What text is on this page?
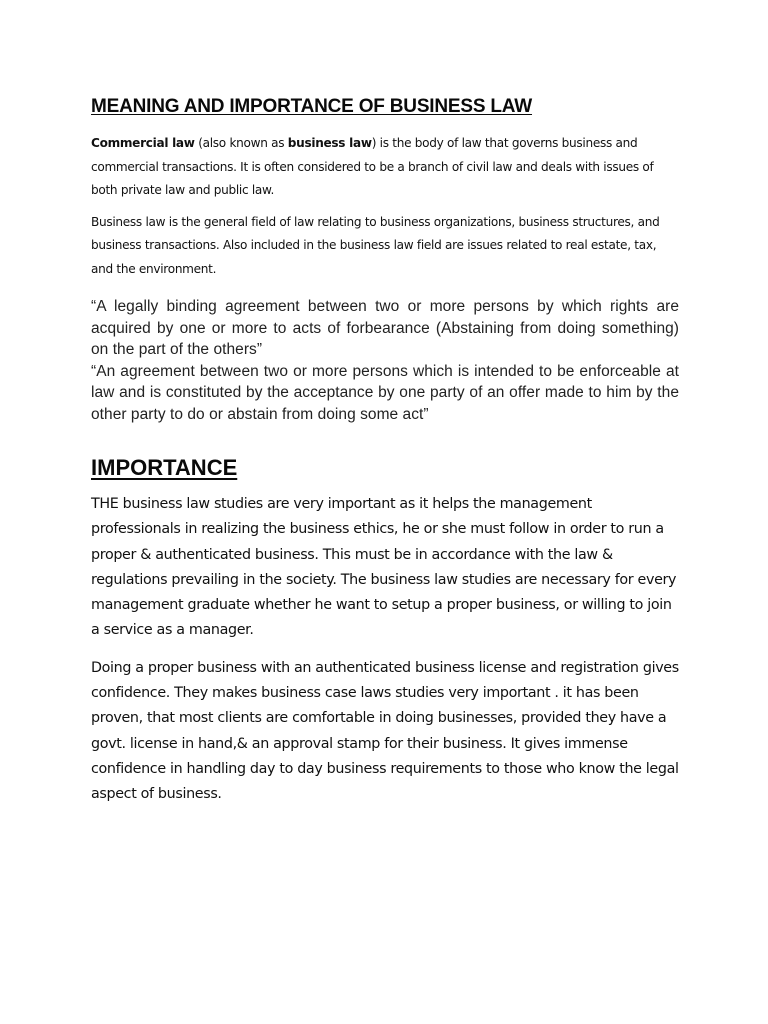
MEANING AND IMPORTANCE OF BUSINESS LAW

Commercial law (also known as business law) is the body of law that governs business and commercial transactions. It is often considered to be a branch of civil law and deals with issues of both private law and public law.

Business law is the general field of law relating to business organizations, business structures, and business transactions. Also included in the business law field are issues related to real estate, tax, and the environment.

“A legally binding agreement between two or more persons by which rights are acquired by one or more to acts of forbearance (Abstaining from doing something) on the part of the others”

“An agreement between two or more persons which is intended to be enforceable at law and is constituted by the acceptance by one party of an offer made to him by the other party to do or abstain from doing some act”

IMPORTANCE

THE business law studies are very important as it helps the management professionals in realizing the business ethics, he or she must follow in order to run a proper & authenticated business. This must be in accordance with the law & regulations prevailing in the society. The business law studies are necessary for every management graduate whether he want to setup a proper business, or willing to join a service as a manager.

Doing a proper business with an authenticated business license and registration gives confidence. They makes business case laws studies very important . it has been proven, that most clients are comfortable in doing businesses, provided they have a govt. license in hand,& an approval stamp for their business. It gives immense confidence in handling day to day business requirements to those who know the legal aspect of business.
